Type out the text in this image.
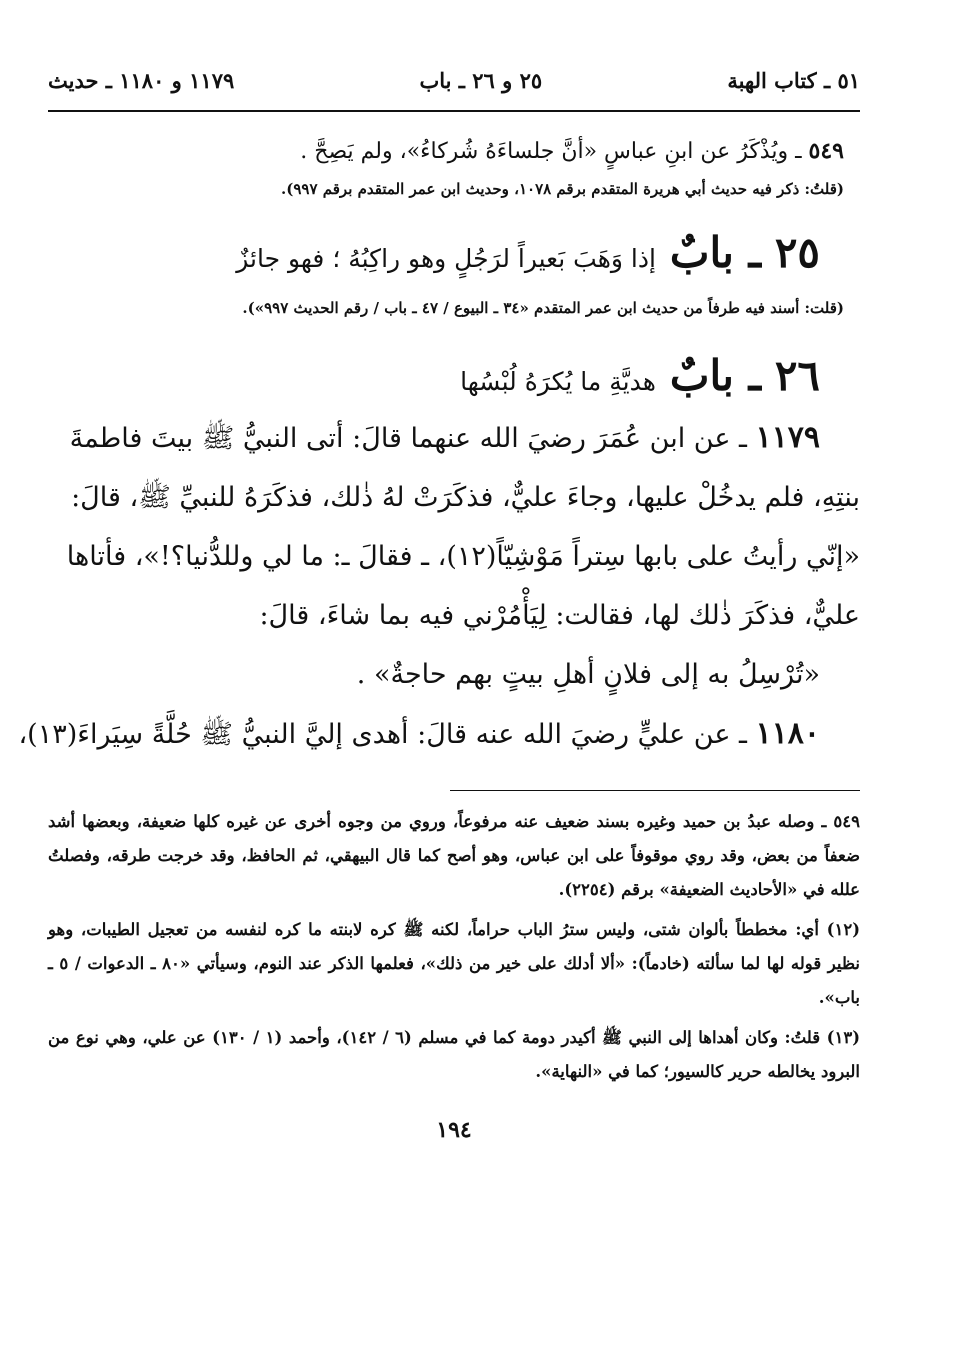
٥١ ـ كتاب الهبة
٢٥ و ٢٦ ـ باب
١١٧٩ و ١١٨٠ ـ حديث
٥٤٩ ـ ويُذْكَرُ عن ابنِ عباسٍ «أنَّ جلساءَهُ شُركاءُ»، ولم يَصِحَّ .
(قلتُ: ذكر فيه حديث أبي هريرة المتقدم برقم ١٠٧٨، وحديث ابن عمر المتقدم برقم ٩٩٧).
٢٥
ـ بابٌ
إذا وَهَبَ بَعيراً لرَجُلٍ وهو راكِبُهُ ؛ فهو جائزٌ
(قلت: أسند فيه طرفاً من حديث ابن عمر المتقدم «٣٤ ـ البيوع / ٤٧ ـ باب / رقم الحديث ٩٩٧»).
٢٦
ـ بابٌ
هديَّةِ ما يُكرَهُ لُبْسُها
١١٧٩ ـ عن ابن عُمَرَ رضيَ الله عنهما قالَ: أتى النبيُّ ﷺ بيتَ فاطمةَ
بنتِهِ، فلم يدخُلْ عليها، وجاءَ عليٌّ، فذكَرَتْ لهُ ذٰلك، فذكَرَهُ للنبيِّ ﷺ، قالَ:
«إنّي رأيتُ على بابها سِتراً مَوْشِيّاً(١٢)، ـ فقالَ ـ: ما لي وللدُّنيا؟!»، فأتاها
عليٌّ، فذكَرَ ذٰلك لها، فقالت: لِيَأْمُرْني فيه بما شاءَ، قالَ:
«تُرْسِلُ به إلى فلانٍ أهلِ بيتٍ بهم حاجةٌ» .
١١٨٠ ـ عن عليٍّ رضيَ الله عنه قالَ: أهدى إليَّ النبيُّ ﷺ حُلَّةً سِيَراءَ(١٣)،
٥٤٩ ـ وصله عبدُ بن حميد وغيره بسند ضعيف عنه مرفوعاً، وروي من وجوه أخرى عن غيره كلها ضعيفة، وبعضها أشد ضعفاً من بعض، وقد روي موقوفاً على ابن عباس، وهو أصح كما قال البيهقي، ثم الحافظ، وقد خرجت طرقه، وفصلتُ علله في «الأحاديث الضعيفة» برقم (٢٢٥٤).
(١٢) أي: مخططاً بألوان شتى، وليس سترُ الباب حراماً، لكنه ﷺ كره لابنته ما كره لنفسه من تعجيل الطيبات، وهو نظير قوله لها لما سألته (خادماً): «ألا أدلك على خير من ذلك»، فعلمها الذكر عند النوم، وسيأتي «٨٠ ـ الدعوات / ٥ ـ باب».
(١٣) قلتُ: وكان أهداها إلى النبي ﷺ أكيدر دومة كما في مسلم (٦ / ١٤٢)، وأحمد (١ / ١٣٠) عن علي، وهي نوع من البرود يخالطه حرير كالسيور؛ كما في «النهاية».
١٩٤
